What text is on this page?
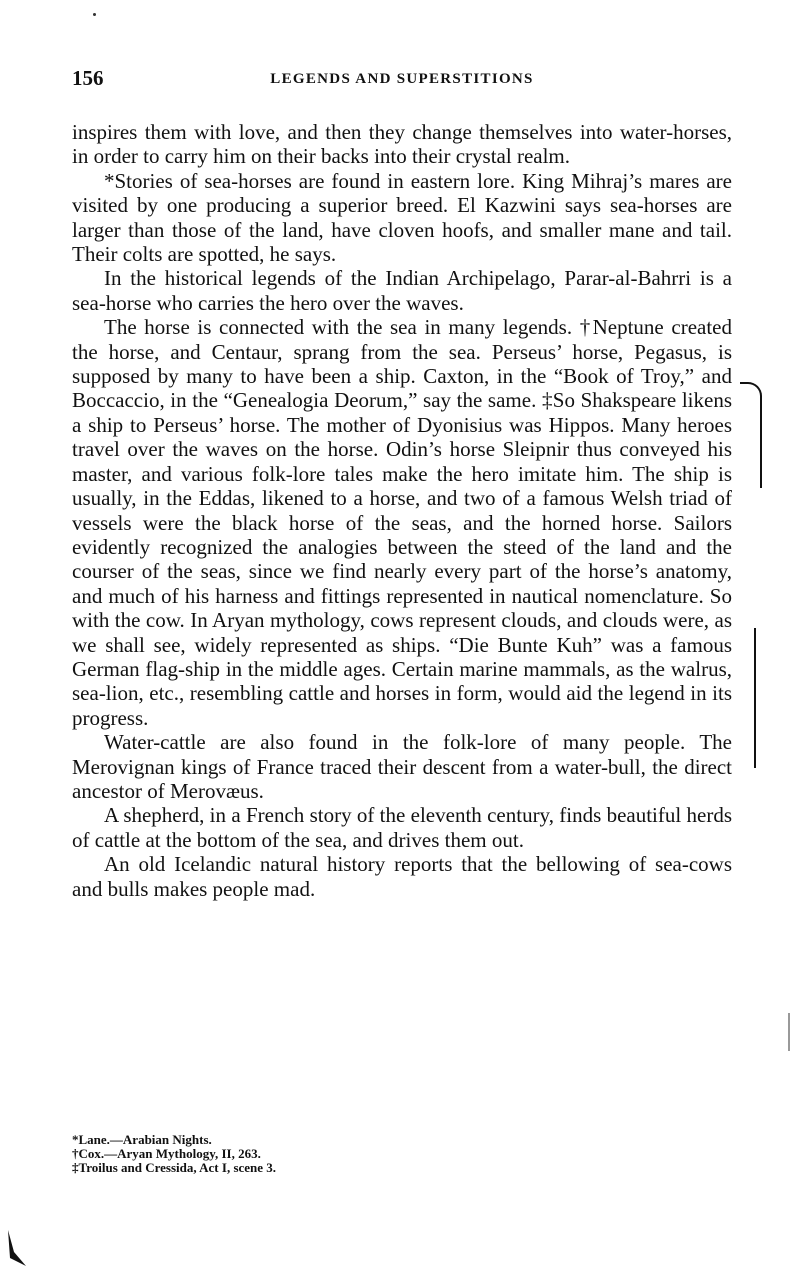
156	LEGENDS AND SUPERSTITIONS

inspires them with love, and then they change themselves into water-horses, in order to carry him on their backs into their crystal realm.

*Stories of sea-horses are found in eastern lore. King Mihraj’s mares are visited by one producing a superior breed. El Kazwini says sea-horses are larger than those of the land, have cloven hoofs, and smaller mane and tail. Their colts are spotted, he says.

In the historical legends of the Indian Archipelago, Parar-al-Bahrri is a sea-horse who carries the hero over the waves.

The horse is connected with the sea in many legends. †Neptune created the horse, and Centaur, sprang from the sea. Perseus’ horse, Pegasus, is supposed by many to have been a ship. Caxton, in the “Book of Troy,” and Boccaccio, in the “Genealogia Deorum,” say the same. ‡So Shakspeare likens a ship to Perseus’ horse. The mother of Dyonisius was Hippos. Many heroes travel over the waves on the horse. Odin’s horse Sleipnir thus conveyed his master, and various folk-lore tales make the hero imitate him. The ship is usually, in the Eddas, likened to a horse, and two of a famous Welsh triad of vessels were the black horse of the seas, and the horned horse. Sailors evidently recognized the analogies between the steed of the land and the courser of the seas, since we find nearly every part of the horse’s anatomy, and much of his harness and fittings represented in nautical nomenclature. So with the cow. In Aryan mythology, cows represent clouds, and clouds were, as we shall see, widely represented as ships. “Die Bunte Kuh” was a famous German flag-ship in the middle ages. Certain marine mammals, as the walrus, sea-lion, etc., resembling cattle and horses in form, would aid the legend in its progress.

Water-cattle are also found in the folk-lore of many people. The Merovignan kings of France traced their descent from a water-bull, the direct ancestor of Merovæus.

A shepherd, in a French story of the eleventh century, finds beautiful herds of cattle at the bottom of the sea, and drives them out.

An old Icelandic natural history reports that the bellowing of sea-cows and bulls makes people mad.

*Lane.—Arabian Nights.
†Cox.—Aryan Mythology, II, 263.
‡Troilus and Cressida, Act I, scene 3.
